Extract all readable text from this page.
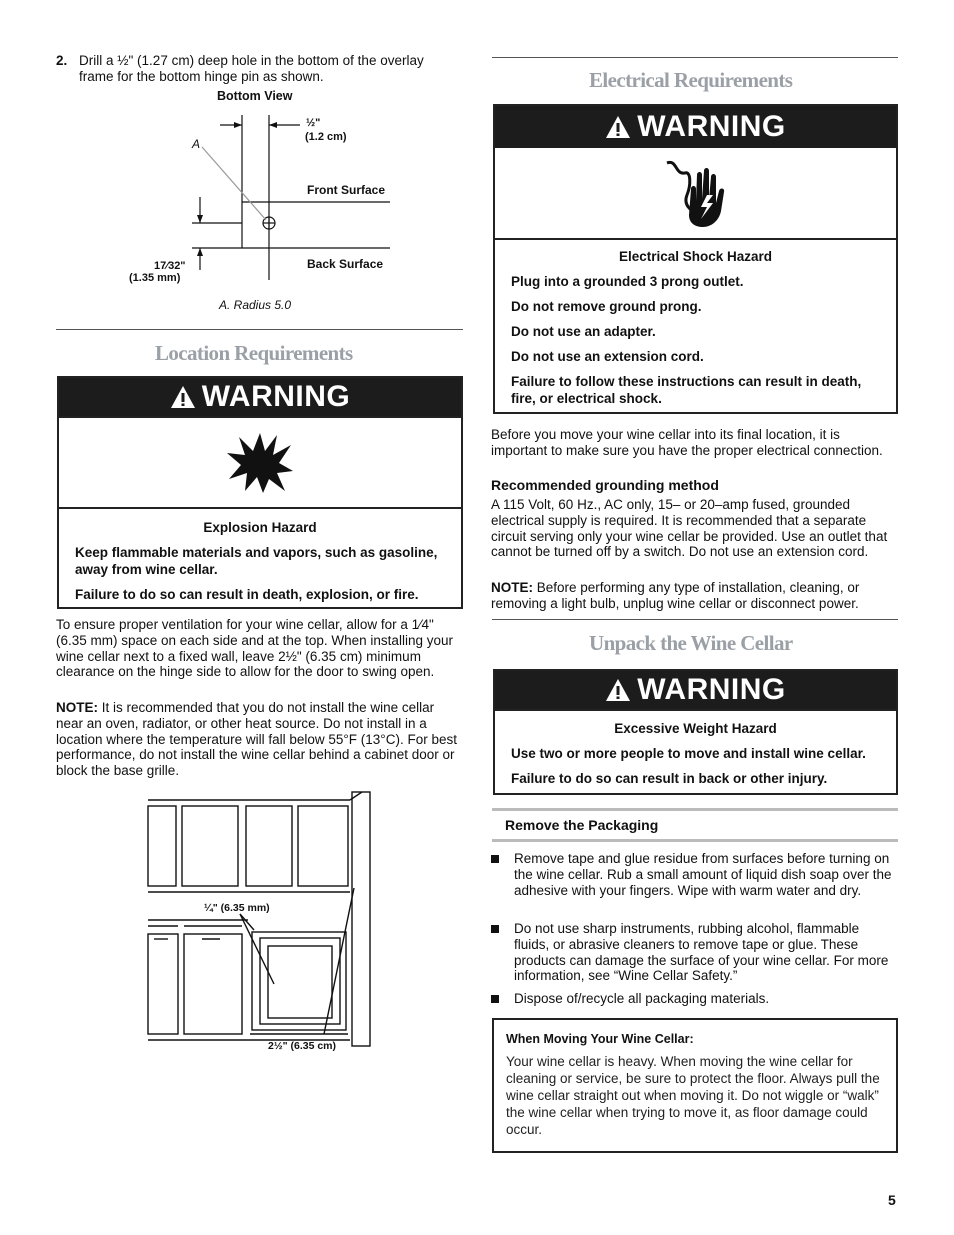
2. Drill a ½" (1.27 cm) deep hole in the bottom of the overlay frame for the bottom hinge pin as shown.
Bottom View
A
½"
(1.2 cm)
Front Surface
Back Surface
17⁄32"
(1.35 mm)
A. Radius 5.0
Location Requirements
WARNING
Explosion Hazard

Keep flammable materials and vapors, such as gasoline, away from wine cellar.

Failure to do so can result in death, explosion, or fire.

To ensure proper ventilation for your wine cellar, allow for a 1⁄4" (6.35 mm) space on each side and at the top. When installing your wine cellar next to a fixed wall, leave 2½" (6.35 cm) minimum clearance on the hinge side to allow for the door to swing open.
NOTE: It is recommended that you do not install the wine cellar near an oven, radiator, or other heat source. Do not install in a location where the temperature will fall below 55°F (13°C). For best performance, do not install the wine cellar behind a cabinet door or block the base grille.
¼" (6.35 mm)
2½" (6.35 cm)
Electrical Requirements
WARNING
Electrical Shock Hazard

Plug into a grounded 3 prong outlet.

Do not remove ground prong.

Do not use an adapter.

Do not use an extension cord.

Failure to follow these instructions can result in death, fire, or electrical shock.

Before you move your wine cellar into its final location, it is important to make sure you have the proper electrical connection.
Recommended grounding method
A 115 Volt, 60 Hz., AC only, 15– or 20–amp fused, grounded electrical supply is required. It is recommended that a separate circuit serving only your wine cellar be provided. Use an outlet that cannot be turned off by a switch. Do not use an extension cord.
NOTE: Before performing any type of installation, cleaning, or removing a light bulb, unplug wine cellar or disconnect power.
Unpack the Wine Cellar
WARNING
Excessive Weight Hazard

Use two or more people to move and install wine cellar.

Failure to do so can result in back or other injury.

Remove the Packaging
Remove tape and glue residue from surfaces before turning on the wine cellar. Rub a small amount of liquid dish soap over the adhesive with your fingers. Wipe with warm water and dry.
Do not use sharp instruments, rubbing alcohol, flammable fluids, or abrasive cleaners to remove tape or glue. These products can damage the surface of your wine cellar. For more information, see “Wine Cellar Safety.”
Dispose of/recycle all packaging materials.
When Moving Your Wine Cellar:
Your wine cellar is heavy. When moving the wine cellar for cleaning or service, be sure to protect the floor. Always pull the wine cellar straight out when moving it. Do not wiggle or “walk” the wine cellar when trying to move it, as floor damage could occur.
5
